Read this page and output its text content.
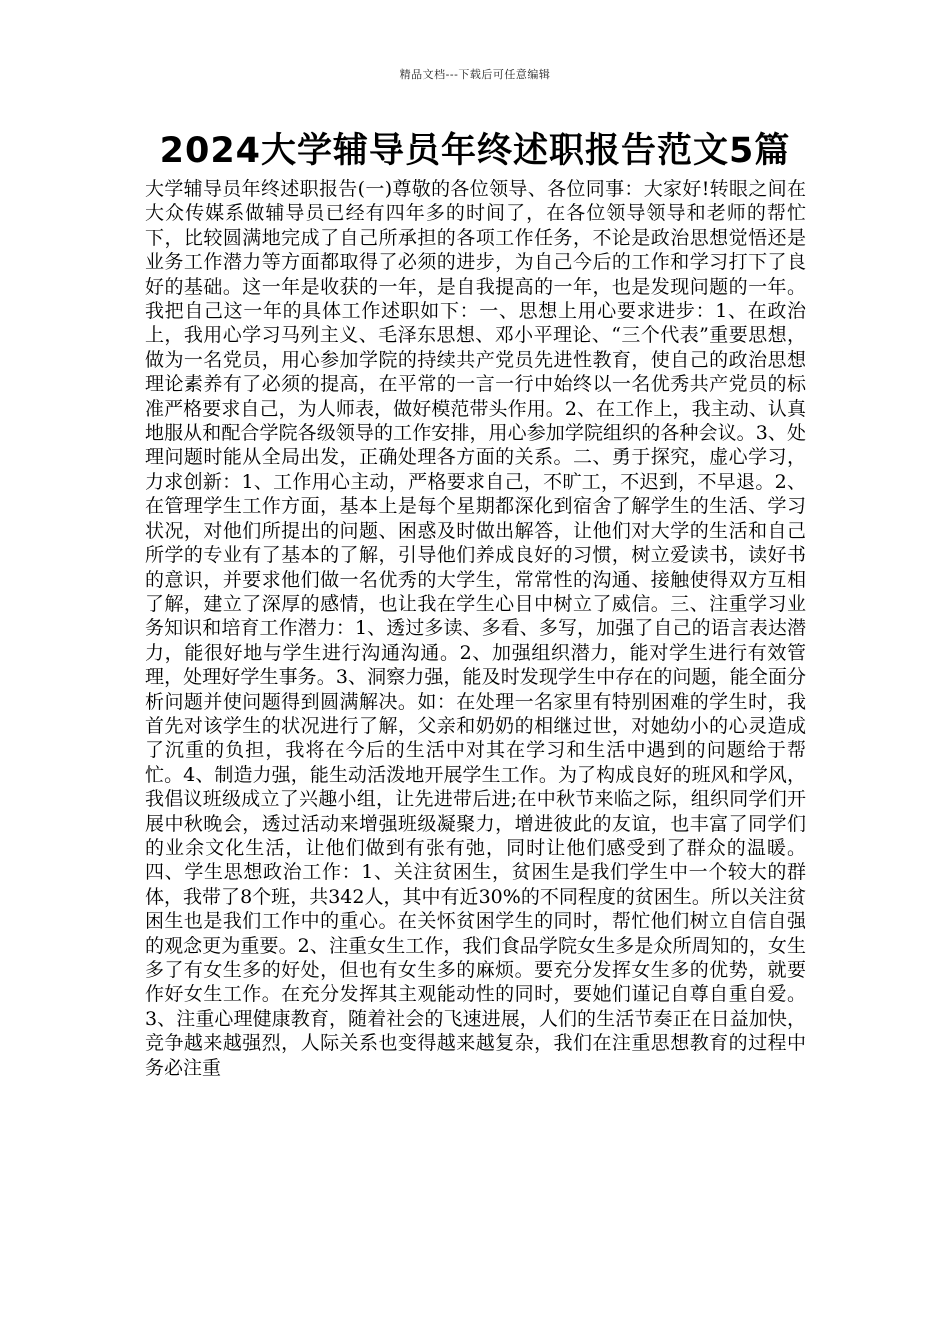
精品文档---下载后可任意编辑
2024大学辅导员年终述职报告范文5篇

大学辅导员年终述职报告(一)尊敬的各位领导、各位同事：大家好!转眼之间在大众传媒系做辅导员已经有四年多的时间了，在各位领导领导和老师的帮忙下，比较圆满地完成了自己所承担的各项工作任务，不论是政治思想觉悟还是业务工作潜力等方面都取得了必须的进步，为自己今后的工作和学习打下了良好的基础。这一年是收获的一年，是自我提高的一年，也是发现问题的一年。我把自己这一年的具体工作述职如下：一、思想上用心要求进步：1、在政治上，我用心学习马列主义、毛泽东思想、邓小平理论、“三个代表”重要思想，做为一名党员，用心参加学院的持续共产党员先进性教育，使自己的政治思想理论素养有了必须的提高，在平常的一言一行中始终以一名优秀共产党员的标准严格要求自己，为人师表，做好模范带头作用。2、在工作上，我主动、认真地服从和配合学院各级领导的工作安排，用心参加学院组织的各种会议。3、处理问题时能从全局出发，正确处理各方面的关系。二、勇于探究，虚心学习，力求创新：1、工作用心主动，严格要求自己，不旷工，不迟到，不早退。2、在管理学生工作方面，基本上是每个星期都深化到宿舍了解学生的生活、学习状况，对他们所提出的问题、困惑及时做出解答，让他们对大学的生活和自己所学的专业有了基本的了解，引导他们养成良好的习惯，树立爱读书，读好书的意识，并要求他们做一名优秀的大学生，常常性的沟通、接触使得双方互相了解，建立了深厚的感情，也让我在学生心目中树立了威信。三、注重学习业务知识和培育工作潜力：1、透过多读、多看、多写，加强了自己的语言表达潜力，能很好地与学生进行沟通沟通。2、加强组织潜力，能对学生进行有效管理，处理好学生事务。3、洞察力强，能及时发现学生中存在的问题，能全面分析问题并使问题得到圆满解决。如：在处理一名家里有特别困难的学生时，我首先对该学生的状况进行了解，父亲和奶奶的相继过世，对她幼小的心灵造成了沉重的负担，我将在今后的生活中对其在学习和生活中遇到的问题给于帮忙。4、制造力强，能生动活泼地开展学生工作。为了构成良好的班风和学风，我倡议班级成立了兴趣小组，让先进带后进;在中秋节来临之际，组织同学们开展中秋晚会，透过活动来增强班级凝聚力，增进彼此的友谊，也丰富了同学们的业余文化生活，让他们做到有张有弛，同时让他们感受到了群众的温暖。四、学生思想政治工作：1、关注贫困生，贫困生是我们学生中一个较大的群体，我带了8个班，共342人，其中有近30%的不同程度的贫困生。所以关注贫困生也是我们工作中的重心。在关怀贫困学生的同时，帮忙他们树立自信自强的观念更为重要。2、注重女生工作，我们食品学院女生多是众所周知的，女生多了有女生多的好处，但也有女生多的麻烦。要充分发挥女生多的优势，就要作好女生工作。在充分发挥其主观能动性的同时，要她们谨记自尊自重自爱。3、注重心理健康教育，随着社会的飞速进展，人们的生活节奏正在日益加快，竞争越来越强烈，人际关系也变得越来越复杂，我们在注重思想教育的过程中务必注重
